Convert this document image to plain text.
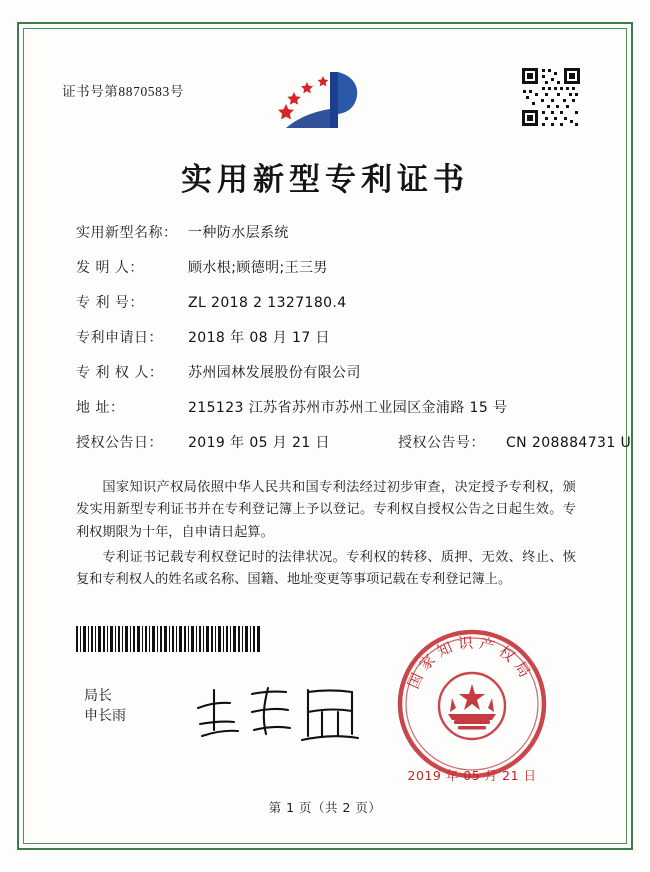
证书号第8870583号
实用新型专利证书
实用新型名称： 一种防水层系统
发 明 人：	顾水根;顾德明;王三男
专 利 号：	ZL 2018 2 1327180.4
专利申请日：	2018 年 08 月 17 日
专 利 权 人：	苏州园林发展股份有限公司
地 址：	215123 江苏省苏州市苏州工业园区金浦路 15 号
授权公告日：	2019 年 05 月 21 日	授权公告号：	CN 208884731 U

国家知识产权局依照中华人民共和国专利法经过初步审查，决定授予专利权，颁发实用新型专利证书并在专利登记簿上予以登记。专利权自授权公告之日起生效。专利权期限为十年，自申请日起算。

专利证书记载专利权登记时的法律状况。专利权的转移、质押、无效、终止、恢复和专利权人的姓名或名称、国籍、地址变更等事项记载在专利登记簿上。

局长
申长雨
国家知识产权局
2019 年 05 月 21 日
第 1 页（共 2 页）
